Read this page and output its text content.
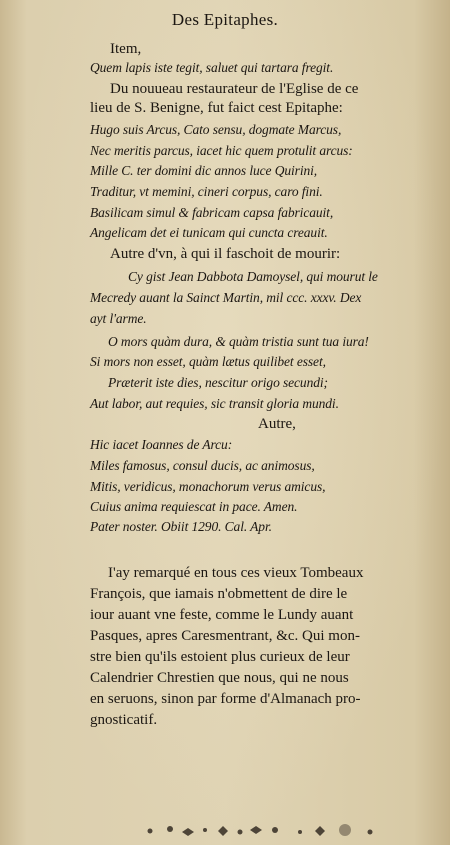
Des Epitaphes.
Item,
Quem lapis iste tegit, saluet qui tartara fregit.
Du nouueau restaurateur de l'Eglise de ce
lieu de S. Benigne, fut faict cest Epitaphe:
Hugo suis Arcus, Cato sensu, dogmate Marcus,
Nec meritis parcus, iacet hic quem protulit arcus:
Mille C. ter domini dic annos luce Quirini,
Traditur, vt memini, cineri corpus, caro fini.
Basilicam simul & fabricam capsa fabricauit,
Angelicam det ei tunicam qui cuncta creauit.
Autre d'vn, à qui il faschoit de mourir:
Cy gist Jean Dabbota Damoysel, qui mourut le
Mecredy auant la Sainct Martin, mil ccc. xxxv. Dex
ayt l'arme.
O mors quàm dura, & quàm tristia sunt tua iura!
Si mors non esset, quàm lætus quilibet esset,
Præterit iste dies, nescitur origo secundi;
Aut labor, aut requies, sic transit gloria mundi.
Autre,
Hic iacet Ioannes de Arcu:
Miles famosus, consul ducis, ac animosus,
Mitis, veridicus, monachorum verus amicus,
Cuius anima requiescat in pace. Amen.
Pater noster. Obiit 1290. Cal. Apr.
I'ay remarqué en tous ces vieux Tombeaux
François, que iamais n'obmettent de dire le
iour auant vne feste, comme le Lundy auant
Pasques, apres Caresmentrant, &c. Qui mon-
stre bien qu'ils estoient plus curieux de leur
Calendrier Chrestien que nous, qui ne nous
en seruons, sinon par forme d'Almanach pro-
gnosticatif.
